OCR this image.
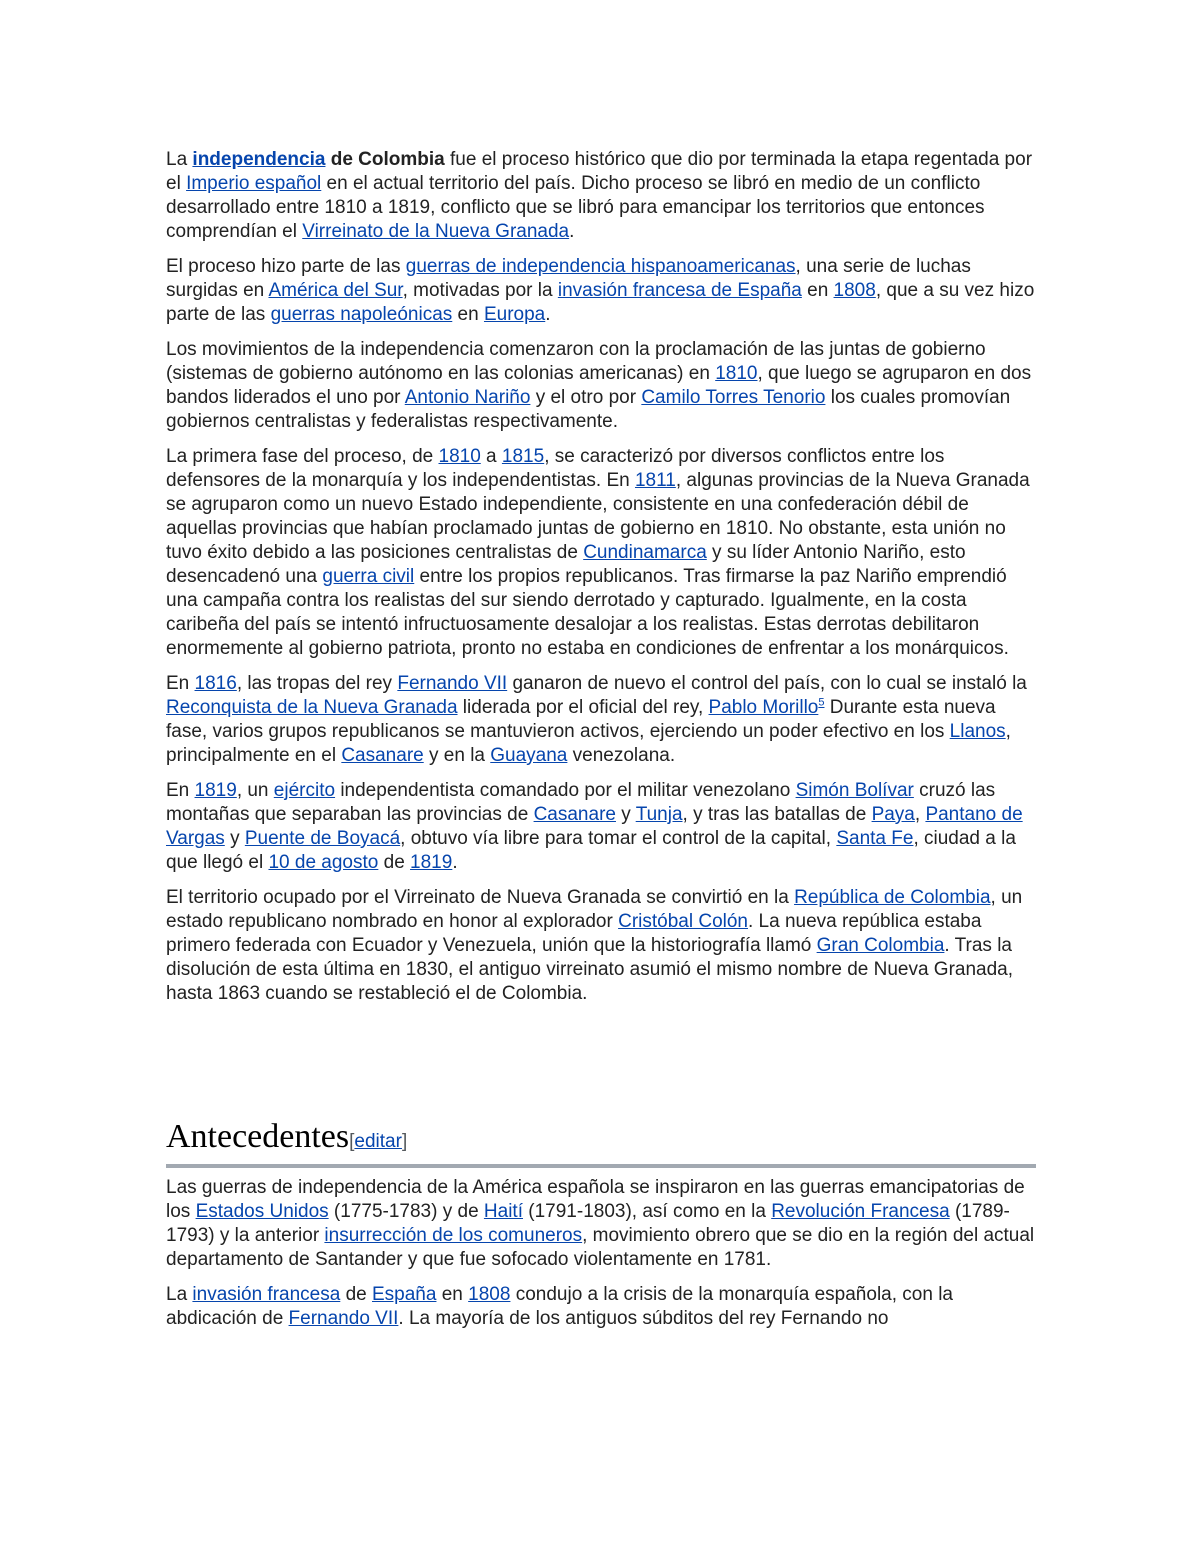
La independencia de Colombia fue el proceso histórico que dio por terminada la etapa regentada por el Imperio español en el actual territorio del país. Dicho proceso se libró en medio de un conflicto desarrollado entre 1810 a 1819, conflicto que se libró para emancipar los territorios que entonces comprendían el Virreinato de la Nueva Granada.

El proceso hizo parte de las guerras de independencia hispanoamericanas, una serie de luchas surgidas en América del Sur, motivadas por la invasión francesa de España en 1808, que a su vez hizo parte de las guerras napoleónicas en Europa.

Los movimientos de la independencia comenzaron con la proclamación de las juntas de gobierno (sistemas de gobierno autónomo en las colonias americanas) en 1810, que luego se agruparon en dos bandos liderados el uno por Antonio Nariño y el otro por Camilo Torres Tenorio los cuales promovían gobiernos centralistas y federalistas respectivamente.

La primera fase del proceso, de 1810 a 1815, se caracterizó por diversos conflictos entre los defensores de la monarquía y los independentistas. En 1811, algunas provincias de la Nueva Granada se agruparon como un nuevo Estado independiente, consistente en una confederación débil de aquellas provincias que habían proclamado juntas de gobierno en 1810. No obstante, esta unión no tuvo éxito debido a las posiciones centralistas de Cundinamarca y su líder Antonio Nariño, esto desencadenó una guerra civil entre los propios republicanos. Tras firmarse la paz Nariño emprendió una campaña contra los realistas del sur siendo derrotado y capturado. Igualmente, en la costa caribeña del país se intentó infructuosamente desalojar a los realistas. Estas derrotas debilitaron enormemente al gobierno patriota, pronto no estaba en condiciones de enfrentar a los monárquicos.

En 1816, las tropas del rey Fernando VII ganaron de nuevo el control del país, con lo cual se instaló la Reconquista de la Nueva Granada liderada por el oficial del rey, Pablo Morillo$^5$ Durante esta nueva fase, varios grupos republicanos se mantuvieron activos, ejerciendo un poder efectivo en los Llanos, principalmente en el Casanare y en la Guayana venezolana.

En 1819, un ejército independentista comandado por el militar venezolano Simón Bolívar cruzó las montañas que separaban las provincias de Casanare y Tunja, y tras las batallas de Paya, Pantano de Vargas y Puente de Boyacá, obtuvo vía libre para tomar el control de la capital, Santa Fe, ciudad a la que llegó el 10 de agosto de 1819.

El territorio ocupado por el Virreinato de Nueva Granada se convirtió en la República de Colombia, un estado republicano nombrado en honor al explorador Cristóbal Colón. La nueva república estaba primero federada con Ecuador y Venezuela, unión que la historiografía llamó Gran Colombia. Tras la disolución de esta última en 1830, el antiguo virreinato asumió el mismo nombre de Nueva Granada, hasta 1863 cuando se restableció el de Colombia.

Antecedentes[editar]

Las guerras de independencia de la América española se inspiraron en las guerras emancipatorias de los Estados Unidos (1775-1783) y de Haití (1791-1803), así como en la Revolución Francesa (1789-1793) y la anterior insurrección de los comuneros, movimiento obrero que se dio en la región del actual departamento de Santander y que fue sofocado violentamente en 1781.

La invasión francesa de España en 1808 condujo a la crisis de la monarquía española, con la abdicación de Fernando VII. La mayoría de los antiguos súbditos del rey Fernando no
